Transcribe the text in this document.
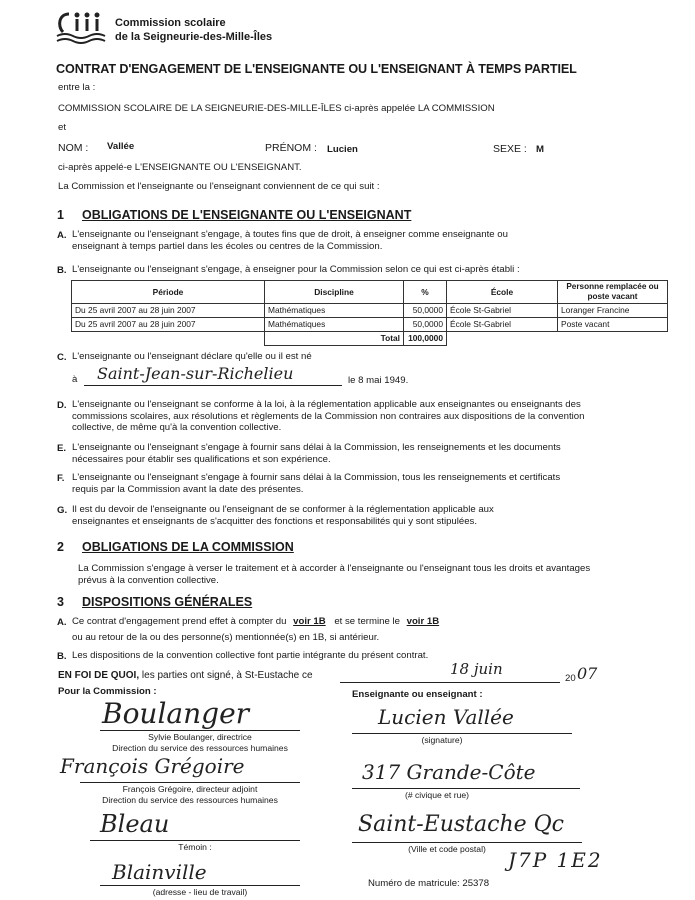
Commission scolaire
de la Seigneurie-des-Mille-Îles
CONTRAT D'ENGAGEMENT DE L'ENSEIGNANTE OU L'ENSEIGNANT À TEMPS PARTIEL
entre la :
COMMISSION SCOLAIRE DE LA SEIGNEURIE-DES-MILLE-ÎLES ci-après appelée LA COMMISSION
et
NOM : Vallée	PRÉNOM : Lucien	SEXE : M
ci-après appelé-e L'ENSEIGNANTE OU L'ENSEIGNANT.
La Commission et l'enseignante ou l'enseignant conviennent de ce qui suit :
1 OBLIGATIONS DE L'ENSEIGNANTE OU L'ENSEIGNANT
A. L'enseignante ou l'enseignant s'engage, à toutes fins que de droit, à enseigner comme enseignante ou enseignant à temps partiel dans les écoles ou centres de la Commission.
B. L'enseignante ou l'enseignant s'engage, à enseigner pour la Commission selon ce qui est ci-après établi :
Période	Discipline	%	École	Personne remplacée ou poste vacant
Du 25 avril 2007 au 28 juin 2007	Mathématiques	50,0000	École St-Gabriel	Loranger Francine
Du 25 avril 2007 au 28 juin 2007	Mathématiques	50,0000	École St-Gabriel	Poste vacant
	Total	100,0000		
C. L'enseignante ou l'enseignant déclare qu'elle ou il est né
à Saint-Jean-sur-Richelieu	le 8 mai 1949.
D. L'enseignante ou l'enseignant se conforme à la loi, à la réglementation applicable aux enseignantes ou enseignants des commissions scolaires, aux résolutions et règlements de la Commission non contraires aux dispositions de la convention collective, de même qu'à la convention collective.
E. L'enseignante ou l'enseignant s'engage à fournir sans délai à la Commission, les renseignements et les documents nécessaires pour établir ses qualifications et son expérience.
F. L'enseignante ou l'enseignant s'engage à fournir sans délai à la Commission, tous les renseignements et certificats requis par la Commission avant la date des présentes.
G. Il est du devoir de l'enseignante ou l'enseignant de se conformer à la réglementation applicable aux enseignantes et enseignants de s'acquitter des fonctions et responsabilités qui y sont stipulées.
2 OBLIGATIONS DE LA COMMISSION
La Commission s'engage à verser le traitement et à accorder à l'enseignante ou l'enseignant tous les droits et avantages prévus à la convention collective.
3 DISPOSITIONS GÉNÉRALES
A. Ce contrat d'engagement prend effet à compter du voir 1B et se termine le voir 1B
ou au retour de la ou des personne(s) mentionnée(s) en 1B, si antérieur.
B. Les dispositions de la convention collective font partie intégrante du présent contrat.
EN FOI DE QUOI, les parties ont signé, à St-Eustache ce	18 juin
20 07
Pour la Commission :	Enseignante ou enseignant :
Boulanger
Sylvie Boulanger, directrice
Direction du service des ressources humaines
François Grégoire
François Grégoire, directeur adjoint
Direction du service des ressources humaines
Bleau
Témoin :
Blainville
(adresse - lieu de travail)
Lucien Vallée
(signature)
317 Grande-Côte
(# civique et rue)
Saint-Eustache Qc
(Ville et code postal)	J7P 1E2
Numéro de matricule: 25378
